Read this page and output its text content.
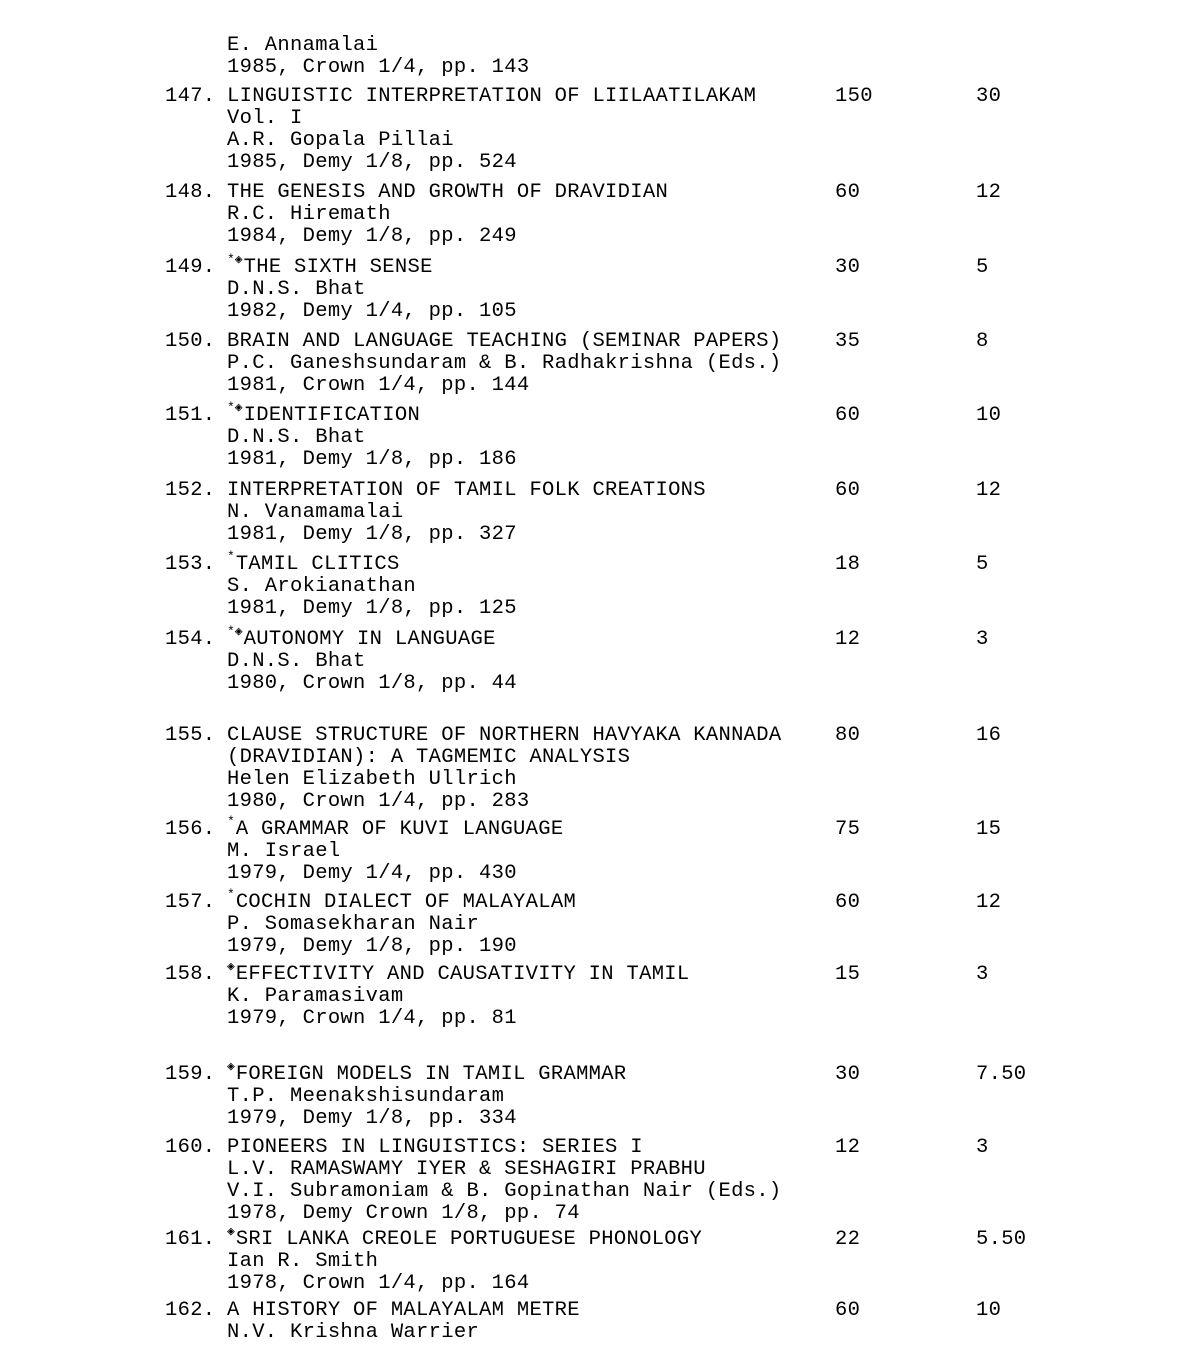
E. Annamalai
1985, Crown 1/4, pp. 143
147. LINGUISTIC INTERPRETATION OF LIILAATILAKAM	150	30
Vol. I
A.R. Gopala Pillai
1985, Demy 1/8, pp. 524
148. THE GENESIS AND GROWTH OF DRAVIDIAN	60	12
R.C. Hiremath
1984, Demy 1/8, pp. 249
149. *◈THE SIXTH SENSE	30	5
D.N.S. Bhat
1982, Demy 1/4, pp. 105
150. BRAIN AND LANGUAGE TEACHING (SEMINAR PAPERS)	35	8
P.C. Ganeshsundaram & B. Radhakrishna (Eds.)
1981, Crown 1/4, pp. 144
151. *◈IDENTIFICATION	60	10
D.N.S. Bhat
1981, Demy 1/8, pp. 186
152. INTERPRETATION OF TAMIL FOLK CREATIONS	60	12
N. Vanamamalai
1981, Demy 1/8, pp. 327
153. *TAMIL CLITICS	18	5
S. Arokianathan
1981, Demy 1/8, pp. 125
154. *◈AUTONOMY IN LANGUAGE	12	3
D.N.S. Bhat
1980, Crown 1/8, pp. 44
155. CLAUSE STRUCTURE OF NORTHERN HAVYAKA KANNADA	80	16
(DRAVIDIAN): A TAGMEMIC ANALYSIS
Helen Elizabeth Ullrich
1980, Crown 1/4, pp. 283
156. *A GRAMMAR OF KUVI LANGUAGE	75	15
M. Israel
1979, Demy 1/4, pp. 430
157. *COCHIN DIALECT OF MALAYALAM	60	12
P. Somasekharan Nair
1979, Demy 1/8, pp. 190
158. ◈EFFECTIVITY AND CAUSATIVITY IN TAMIL	15	3
K. Paramasivam
1979, Crown 1/4, pp. 81
159. ◈FOREIGN MODELS IN TAMIL GRAMMAR	30	7.50
T.P. Meenakshisundaram
1979, Demy 1/8, pp. 334
160. PIONEERS IN LINGUISTICS: SERIES I	12	3
L.V. RAMASWAMY IYER & SESHAGIRI PRABHU
V.I. Subramoniam & B. Gopinathan Nair (Eds.)
1978, Demy Crown 1/8, pp. 74
161. ◈SRI LANKA CREOLE PORTUGUESE PHONOLOGY	22	5.50
Ian R. Smith
1978, Crown 1/4, pp. 164
162. A HISTORY OF MALAYALAM METRE	60	10
N.V. Krishna Warrier
